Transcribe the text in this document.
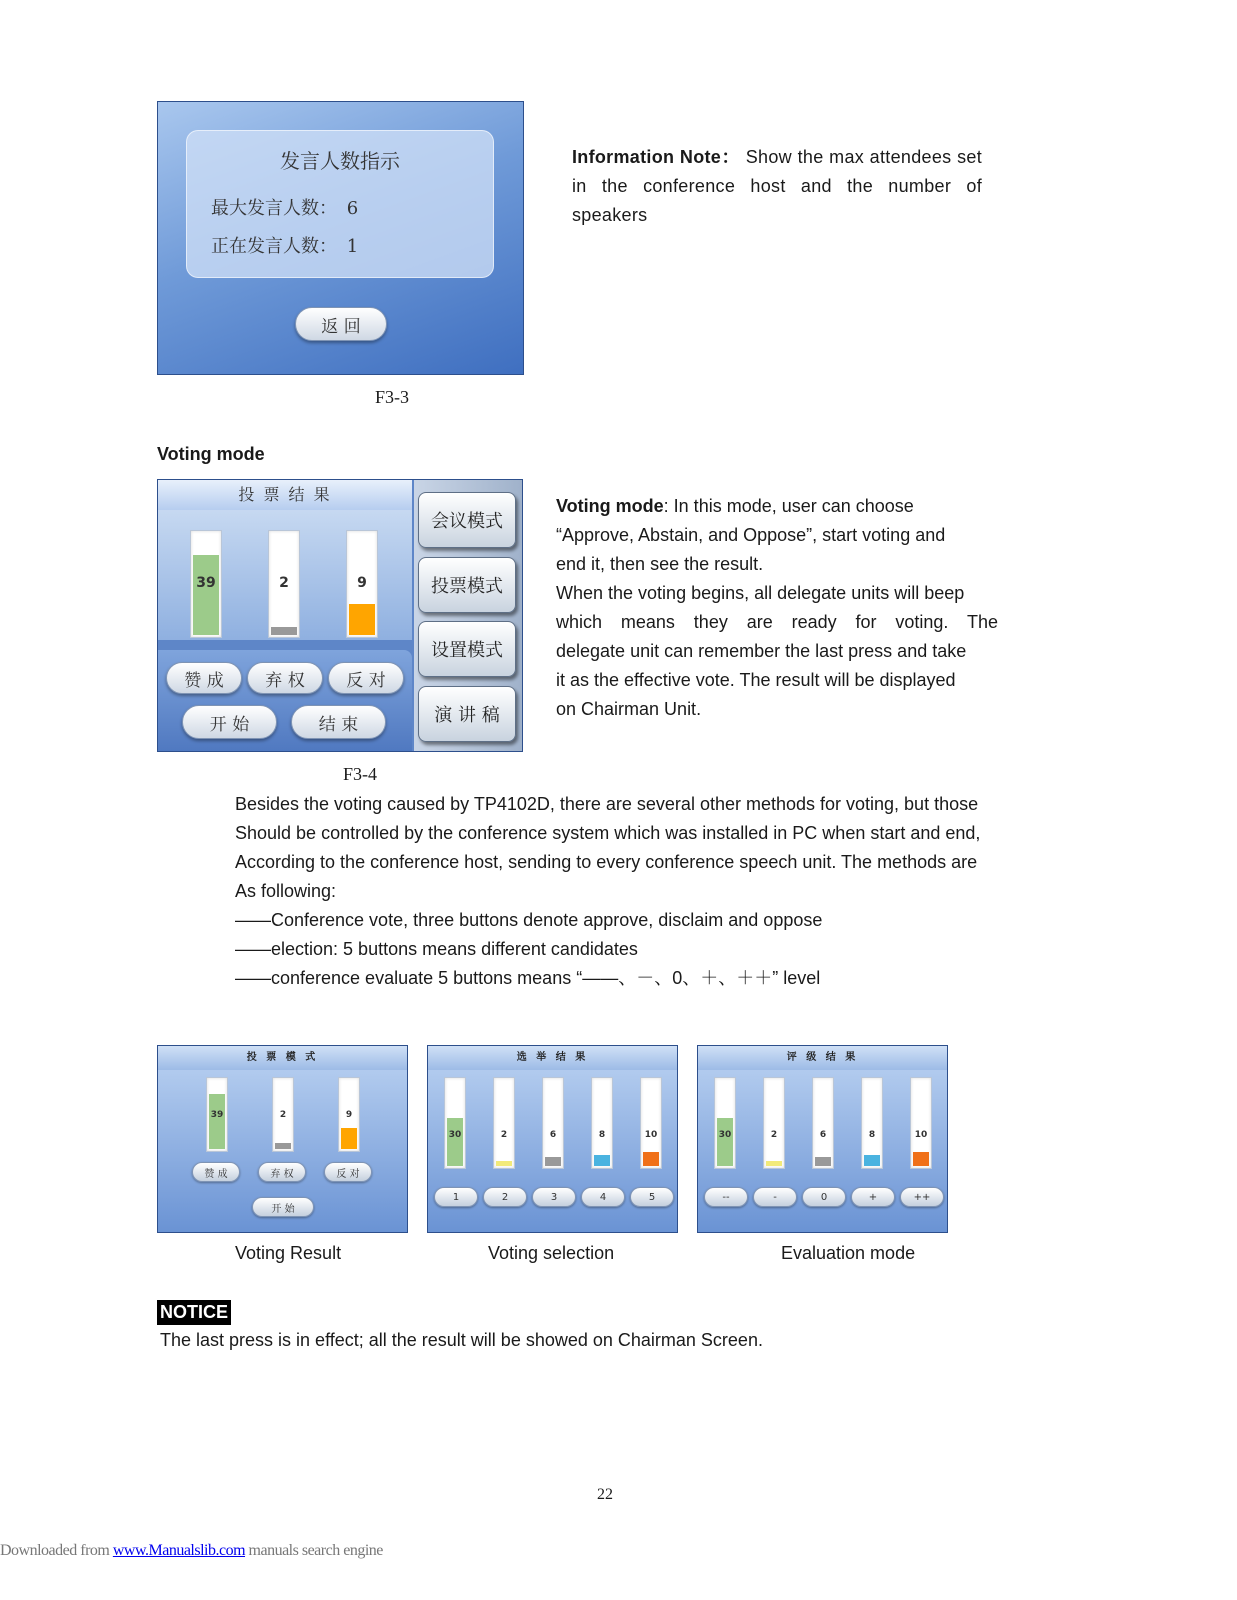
发言人数指示
最大发言人数： 6
正在发言人数： 1
返 回
Information Note： Show the max attendees set in the conference host and the number of speakers
F3-3
Voting mode
投 票 结 果
39	2	9
赞 成	弃 权	反 对
开 始	结 束
会议模式
投票模式
设置模式
演 讲 稿
Voting mode: In this mode, user can choose
“Approve, Abstain, and Oppose”, start voting and
end it, then see the result.
When the voting begins, all delegate units will beep
which means they are ready for voting. The
delegate unit can remember the last press and take
it as the effective vote. The result will be displayed
on Chairman Unit.
F3-4
Besides the voting caused by TP4102D, there are several other methods for voting, but those
Should be controlled by the conference system which was installed in PC when start and end,
According to the conference host, sending to every conference speech unit. The methods are
As following:
——Conference vote, three buttons denote approve, disclaim and oppose
——election: 5 buttons means different candidates
——conference evaluate 5 buttons means “——、－、0、＋、＋＋” level
投 票 模 式
39	2	9
赞 成	弃 权	反 对
开 始
选 举 结 果
30	2	6	8	10
1	2	3	4	5
评 级 结 果
30	2	6	8	10
--	-	0	+	++
Voting Result	Voting selection	Evaluation mode
NOTICE
The last press is in effect; all the result will be showed on Chairman Screen.
22
Downloaded from www.Manualslib.com manuals search engine
